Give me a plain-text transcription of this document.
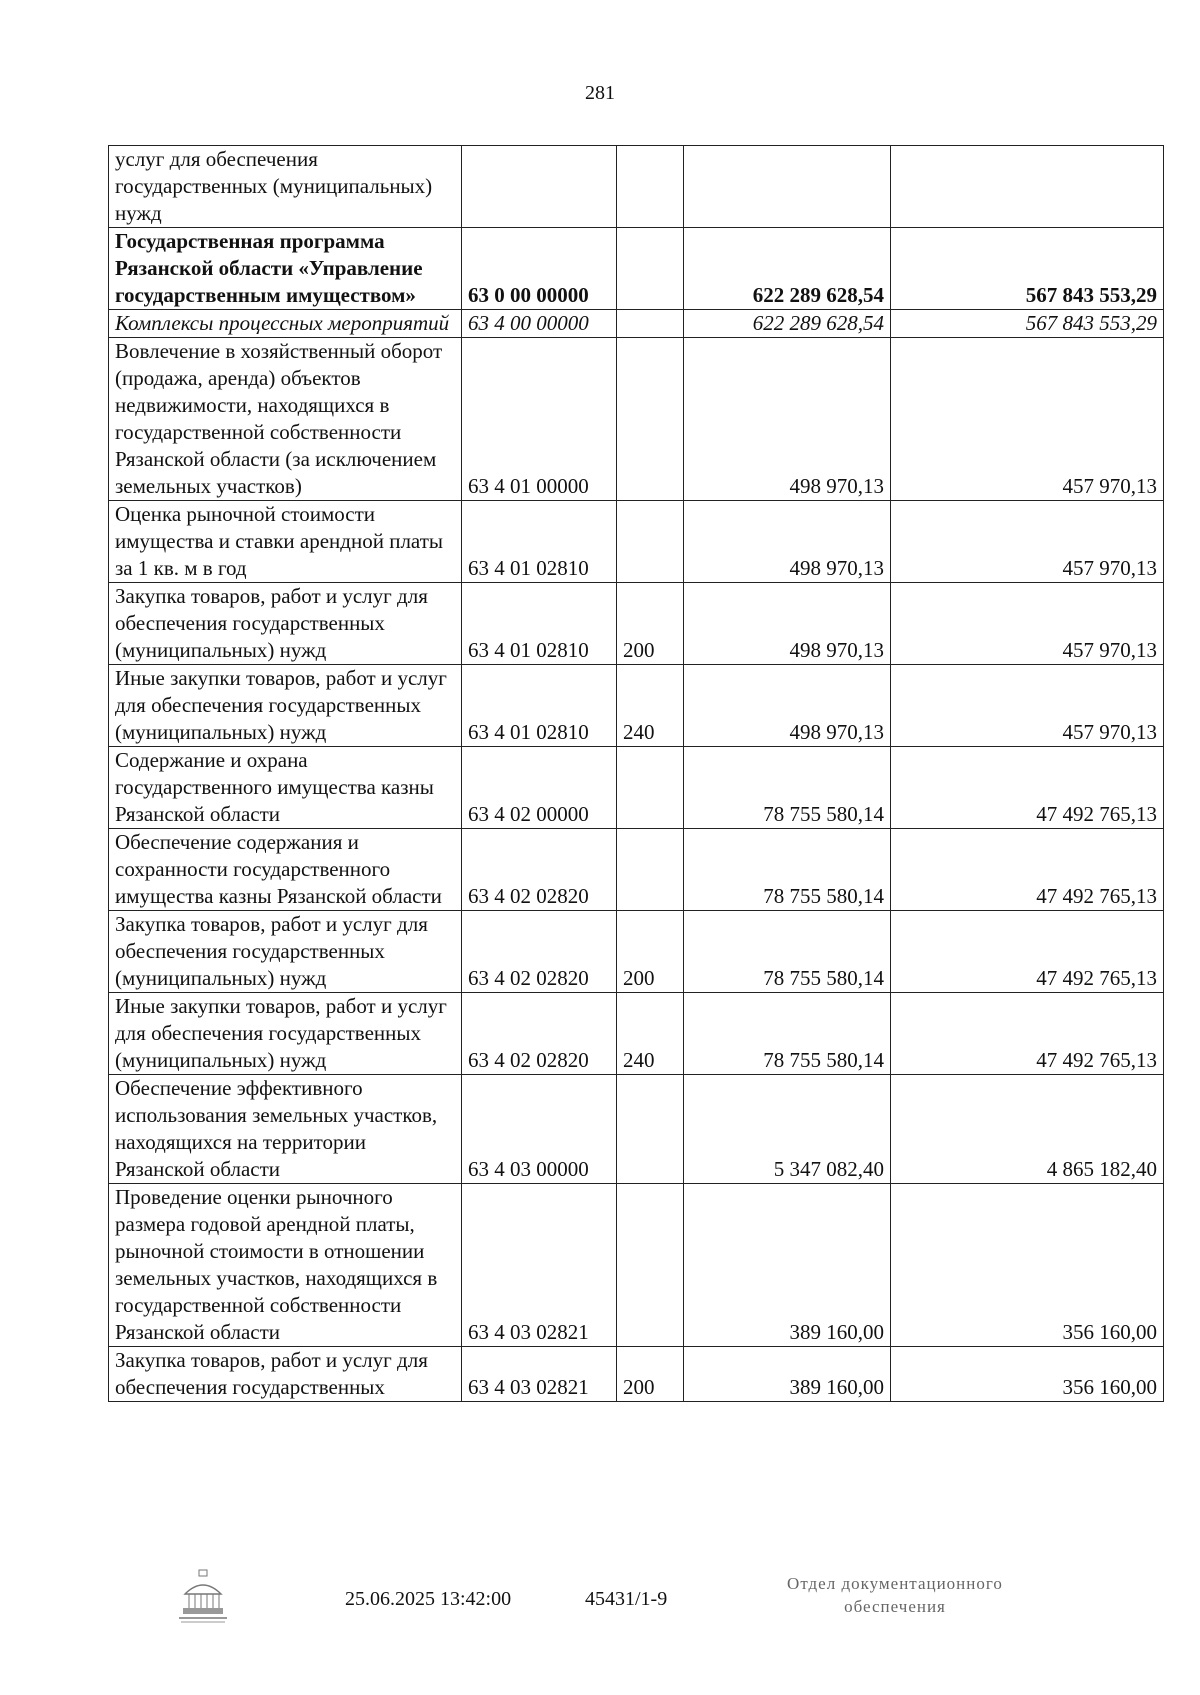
281
услуг для обеспечения государственных (муниципальных) нужд				
Государственная программа Рязанской области «Управление государственным имуществом»	63 0 00 00000		622 289 628,54	567 843 553,29
Комплексы процессных мероприятий	63 4 00 00000		622 289 628,54	567 843 553,29
Вовлечение в хозяйственный оборот (продажа, аренда) объектов недвижимости, находящихся в государственной собственности Рязанской области (за исключением земельных участков)	63 4 01 00000		498 970,13	457 970,13
Оценка рыночной стоимости имущества и ставки арендной платы за 1 кв. м в год	63 4 01 02810		498 970,13	457 970,13
Закупка товаров, работ и услуг для обеспечения государственных (муниципальных) нужд	63 4 01 02810	200	498 970,13	457 970,13
Иные закупки товаров, работ и услуг для обеспечения государственных (муниципальных) нужд	63 4 01 02810	240	498 970,13	457 970,13
Содержание и охрана государственного имущества казны Рязанской области	63 4 02 00000		78 755 580,14	47 492 765,13
Обеспечение содержания и сохранности государственного имущества казны Рязанской области	63 4 02 02820		78 755 580,14	47 492 765,13
Закупка товаров, работ и услуг для обеспечения государственных (муниципальных) нужд	63 4 02 02820	200	78 755 580,14	47 492 765,13
Иные закупки товаров, работ и услуг для обеспечения государственных (муниципальных) нужд	63 4 02 02820	240	78 755 580,14	47 492 765,13
Обеспечение эффективного использования земельных участков, находящихся на территории Рязанской области	63 4 03 00000		5 347 082,40	4 865 182,40
Проведение оценки рыночного размера годовой арендной платы, рыночной стоимости в отношении земельных участков, находящихся в государственной собственности Рязанской области	63 4 03 02821		389 160,00	356 160,00
Закупка товаров, работ и услуг для обеспечения государственных	63 4 03 02821	200	389 160,00	356 160,00
25.06.2025 13:42:00	45431/1-9
Отдел документационного
обеспечения
